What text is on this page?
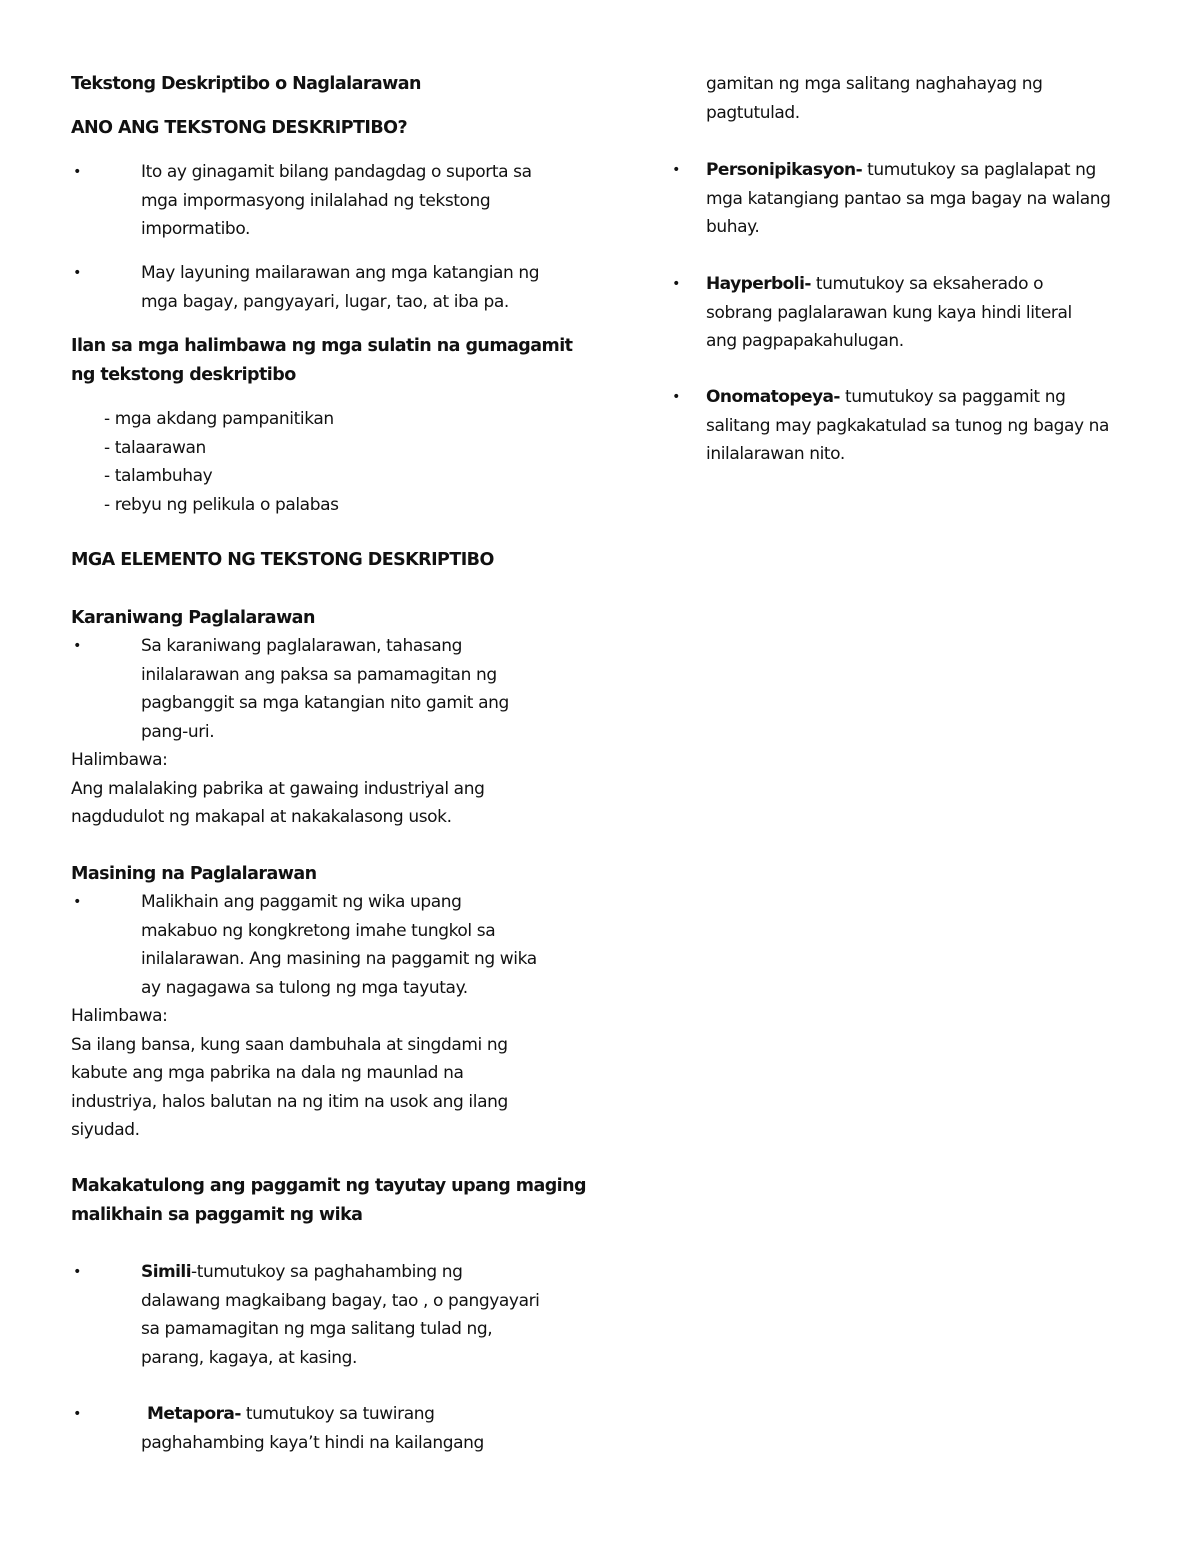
Tekstong Deskriptibo o Naglalarawan

ANO ANG TEKSTONG DESKRIPTIBO?

•	Ito ay ginagamit bilang pandagdag o suporta sa
mga impormasyong inilalahad ng tekstong
impormatibo.
•	May layuning mailarawan ang mga katangian ng
mga bagay, pangyayari, lugar, tao, at iba pa.
Ilan sa mga halimbawa ng mga sulatin na gumagamit
ng tekstong deskriptibo
- mga akdang pampanitikan
- talaarawan
- talambuhay
- rebyu ng pelikula o palabas

MGA ELEMENTO NG TEKSTONG DESKRIPTIBO

Karaniwang Paglalarawan

•	Sa karaniwang paglalarawan, tahasang
inilalarawan ang paksa sa pamamagitan ng
pagbanggit sa mga katangian nito gamit ang
pang-uri.
Halimbawa:
Ang malalaking pabrika at gawaing industriyal ang
nagdudulot ng makapal at nakakalasong usok.

Masining na Paglalarawan

•	Malikhain ang paggamit ng wika upang
makabuo ng kongkretong imahe tungkol sa
inilalarawan. Ang masining na paggamit ng wika
ay nagagawa sa tulong ng mga tayutay.
Halimbawa:
Sa ilang bansa, kung saan dambuhala at singdami ng
kabute ang mga pabrika na dala ng maunlad na
industriya, halos balutan na ng itim na usok ang ilang
siyudad.
Makakatulong ang paggamit ng tayutay upang maging
malikhain sa paggamit ng wika
•	Simili-tumutukoy sa paghahambing ng
dalawang magkaibang bagay, tao , o pangyayari
sa pamamagitan ng mga salitang tulad ng,
parang, kagaya, at kasing.
•	Metapora- tumutukoy sa tuwirang
paghahambing kaya’t hindi na kailangang
gamitan ng mga salitang naghahayag ng
pagtutulad.
• Personipikasyon- tumutukoy sa paglalapat ng
mga katangiang pantao sa mga bagay na walang
buhay.
• Hayperboli- tumutukoy sa eksaherado o
sobrang paglalarawan kung kaya hindi literal
ang pagpapakahulugan.
• Onomatopeya- tumutukoy sa paggamit ng
salitang may pagkakatulad sa tunog ng bagay na
inilalarawan nito.
